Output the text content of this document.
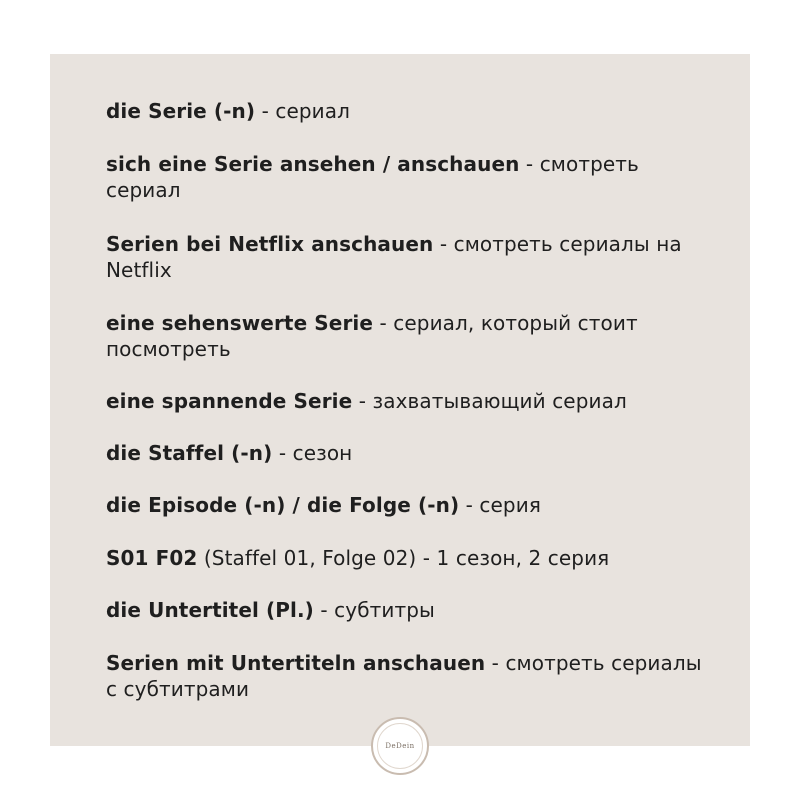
die Serie (-n) - сериал
sich eine Serie ansehen / anschauen - смотреть сериал
Serien bei Netflix anschauen - смотреть сериалы на Netflix
eine sehenswerte Serie - сериал, который стоит посмотреть
eine spannende Serie - захватывающий сериал
die Staffel (-n) - сезон
die Episode (-n) / die Folge (-n) - серия
S01 F02 (Staffel 01, Folge 02) - 1 сезон, 2 серия
die Untertitel (Pl.) - субтитры
Serien mit Untertiteln anschauen - смотреть сериалы с субтитрами
DeDein
